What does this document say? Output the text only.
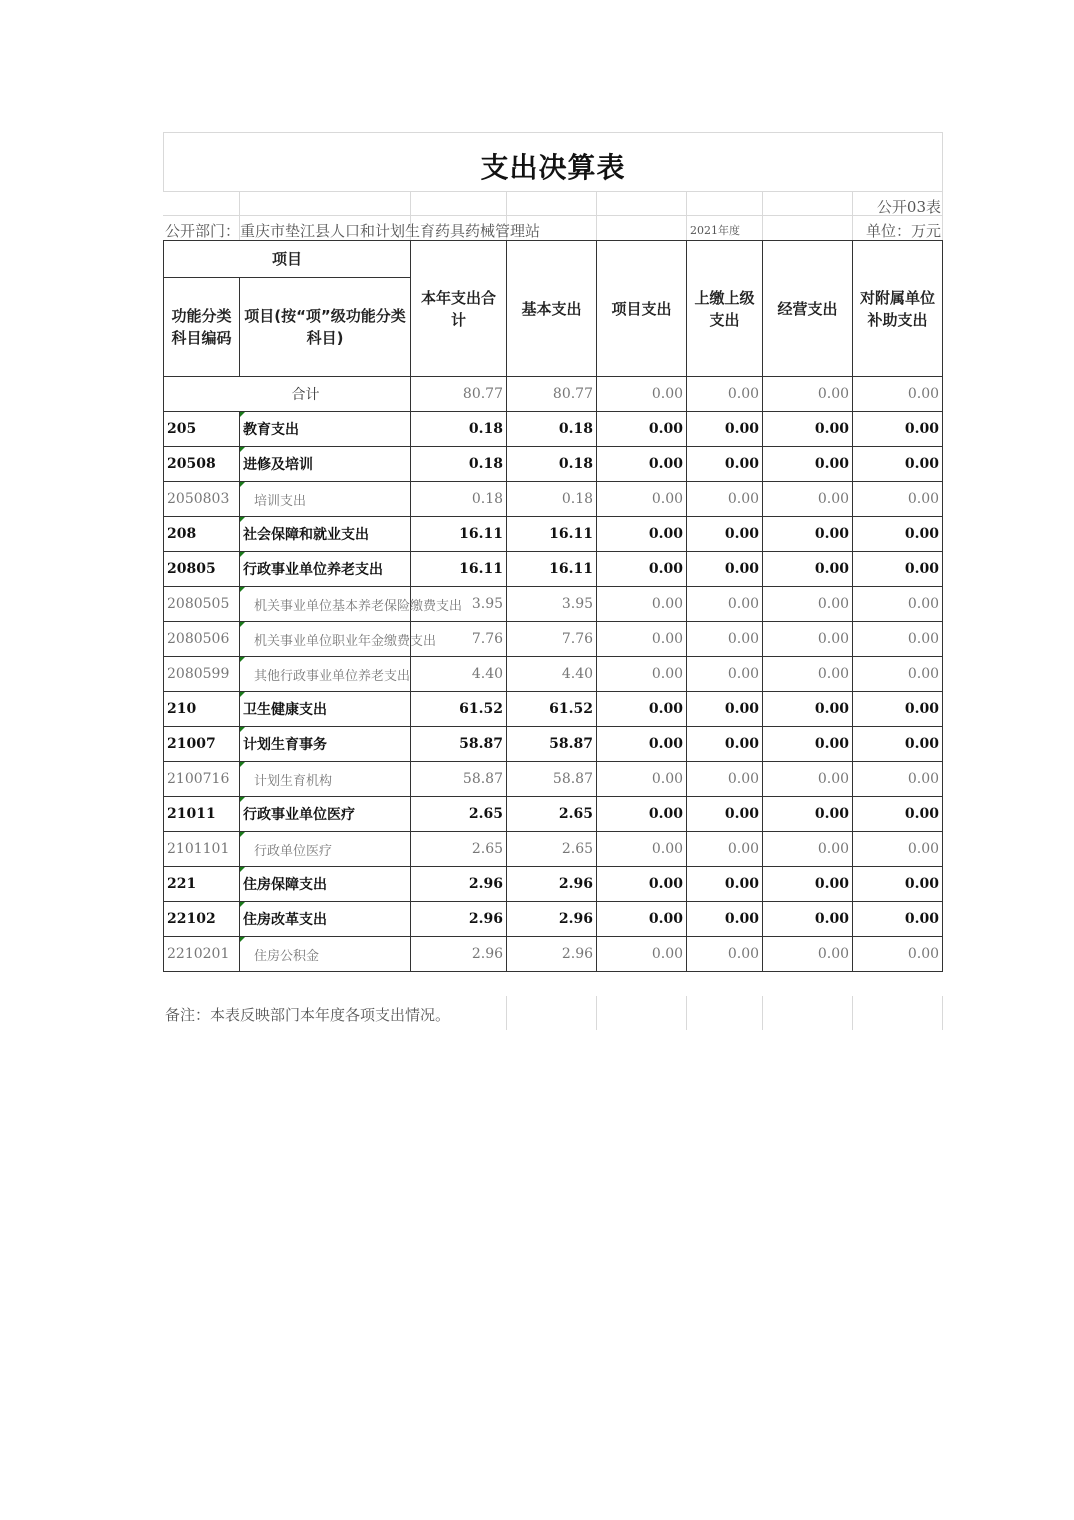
支出决算表
公开03表
公开部门：重庆市垫江县人口和计划生育药具药械管理站	2021年度	单位：万元
项目		本年支出合计	基本支出	项目支出	上缴上级支出	经营支出	对附属单位补助支出
功能分类科目编码	项目(按“项”级功能分类科目)						
合计		80.77	80.77	0.00	0.00	0.00	0.00
205	教育支出	0.18	0.18	0.00	0.00	0.00	0.00
20508	进修及培训	0.18	0.18	0.00	0.00	0.00	0.00
2050803	培训支出	0.18	0.18	0.00	0.00	0.00	0.00
208	社会保障和就业支出	16.11	16.11	0.00	0.00	0.00	0.00
20805	行政事业单位养老支出	16.11	16.11	0.00	0.00	0.00	0.00
2080505	机关事业单位基本养老保险缴费支出	3.95	3.95	0.00	0.00	0.00	0.00
2080506	机关事业单位职业年金缴费支出	7.76	7.76	0.00	0.00	0.00	0.00
2080599	其他行政事业单位养老支出	4.40	4.40	0.00	0.00	0.00	0.00
210	卫生健康支出	61.52	61.52	0.00	0.00	0.00	0.00
21007	计划生育事务	58.87	58.87	0.00	0.00	0.00	0.00
2100716	计划生育机构	58.87	58.87	0.00	0.00	0.00	0.00
21011	行政事业单位医疗	2.65	2.65	0.00	0.00	0.00	0.00
2101101	行政单位医疗	2.65	2.65	0.00	0.00	0.00	0.00
221	住房保障支出	2.96	2.96	0.00	0.00	0.00	0.00
22102	住房改革支出	2.96	2.96	0.00	0.00	0.00	0.00
2210201	住房公积金	2.96	2.96	0.00	0.00	0.00	0.00
备注：本表反映部门本年度各项支出情况。
